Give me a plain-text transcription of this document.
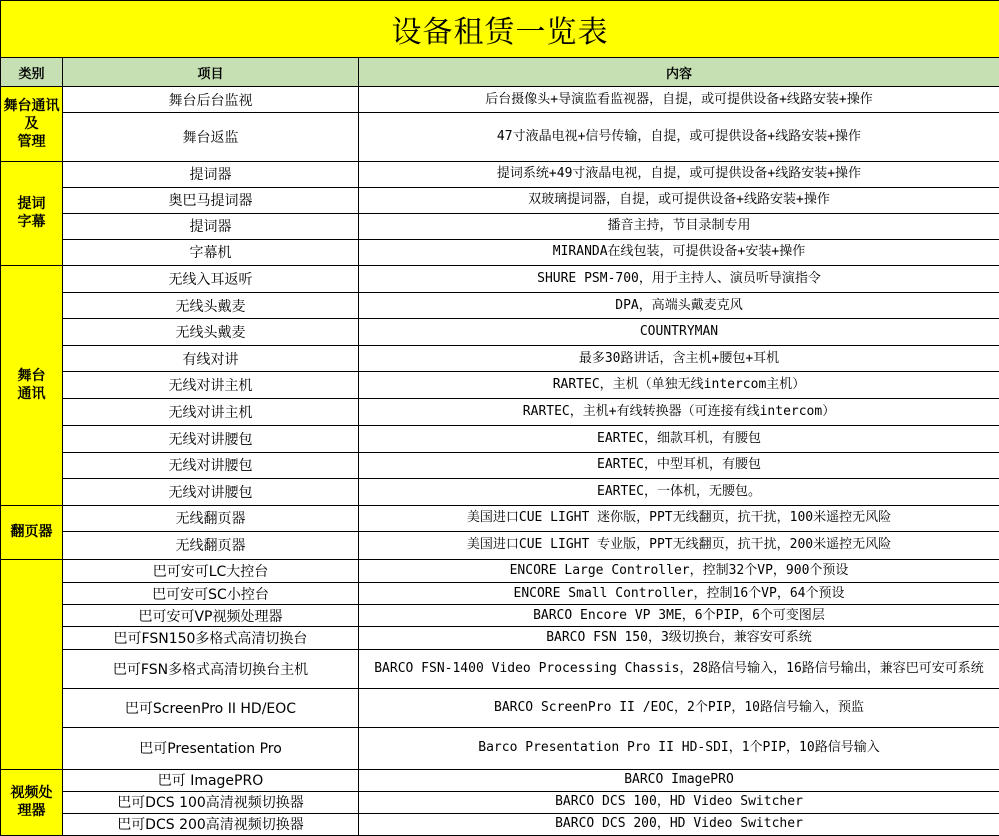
设备租赁一览表		
类别	项目	内容

舞台通讯及
管理	舞台后台监视	后台摄像头+导演监看监视器，自提，或可提供设备+线路安装+操作
	舞台返监	47寸液晶电视+信号传输，自提，或可提供设备+线路安装+操作

提词
字幕	提词器	提词系统+49寸液晶电视，自提，或可提供设备+线路安装+操作
	奥巴马提词器	双玻璃提词器，自提，或可提供设备+线路安装+操作
	提词器	播音主持，节目录制专用
	字幕机	MIRANDA在线包装，可提供设备+安装+操作

舞台
通讯	无线入耳返听	SHURE PSM-700，用于主持人、演员听导演指令
	无线头戴麦	DPA，高端头戴麦克风
	无线头戴麦	COUNTRYMAN
	有线对讲	最多30路讲话，含主机+腰包+耳机
	无线对讲主机	RARTEC，主机（单独无线intercom主机）
	无线对讲主机	RARTEC，主机+有线转换器（可连接有线intercom）
	无线对讲腰包	EARTEC，细款耳机，有腰包
	无线对讲腰包	EARTEC，中型耳机，有腰包
	无线对讲腰包	EARTEC，一体机，无腰包。
翻页器	无线翻页器	美国进口CUE LIGHT 迷你版，PPT无线翻页，抗干扰，100米遥控无风险
	无线翻页器	美国进口CUE LIGHT 专业版，PPT无线翻页，抗干扰，200米遥控无风险
	巴可安可LC大控台	ENCORE Large Controller，控制32个VP，900个预设
	巴可安可SC小控台	ENCORE Small Controller，控制16个VP，64个预设
	巴可安可VP视频处理器	BARCO Encore VP 3ME，6个PIP，6个可变图层
	巴可FSN150多格式高清切换台	BARCO FSN 150，3级切换台，兼容安可系统
	巴可FSN多格式高清切换台主机	BARCO FSN-1400 Video Processing Chassis，28路信号输入，16路信号输出，兼容巴可安可系统
	巴可ScreenPro II HD/EOC	BARCO ScreenPro II /EOC，2个PIP，10路信号输入，预监
	巴可Presentation Pro	Barco Presentation Pro II HD-SDI，1个PIP，10路信号输入

视频处
理器	巴可 ImagePRO	BARCO ImagePRO
	巴可DCS 100高清视频切换器	BARCO DCS 100，HD Video Switcher
	巴可DCS 200高清视频切换器	BARCO DCS 200，HD Video Switcher
